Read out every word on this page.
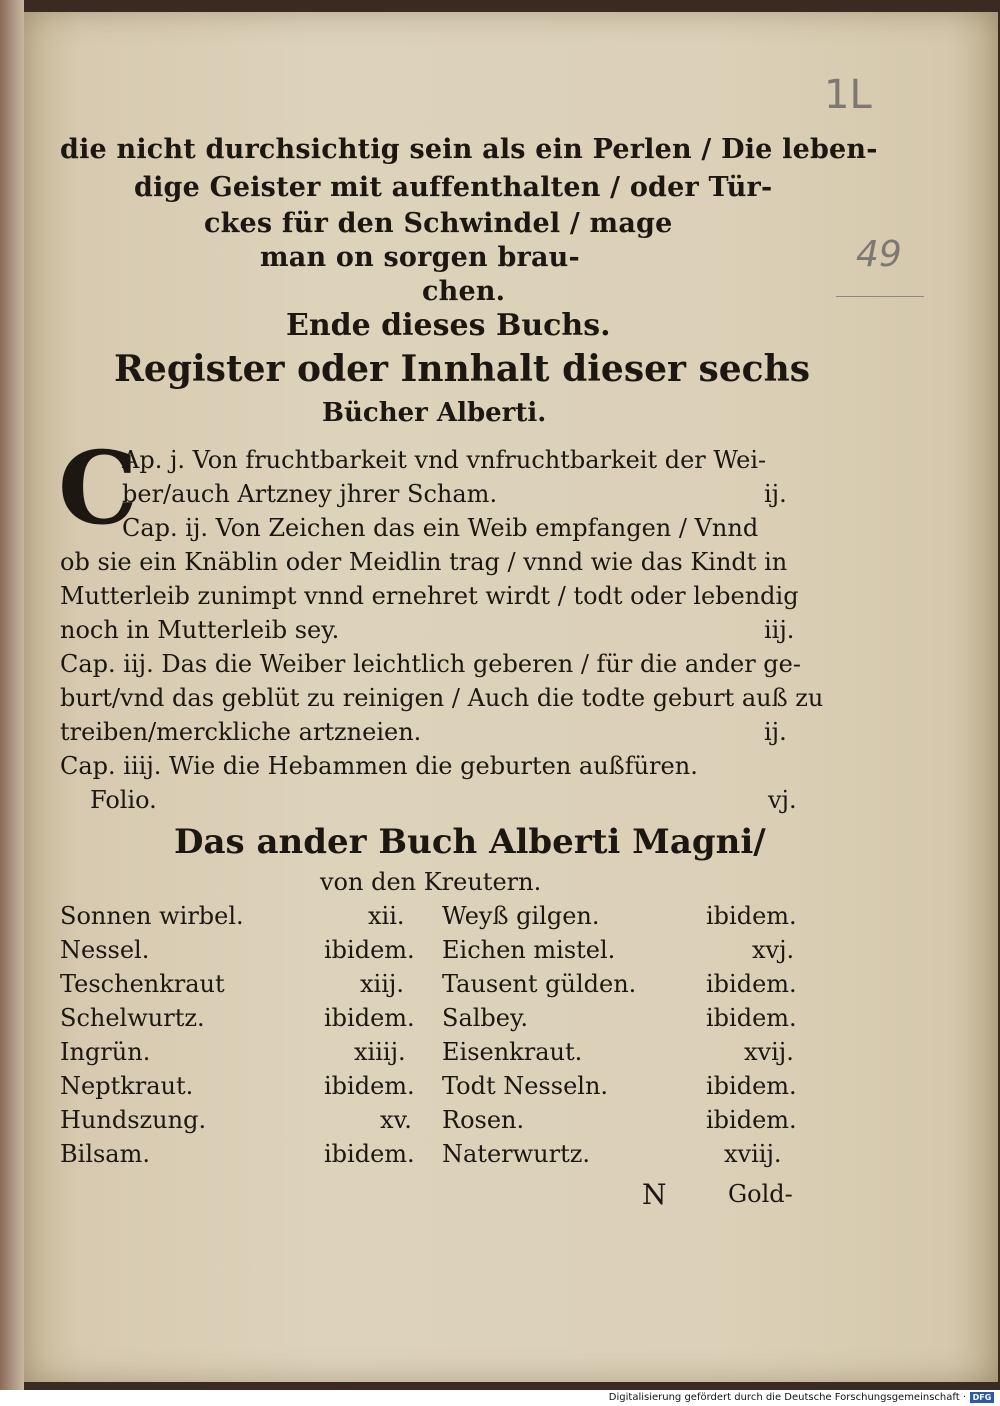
1L
49
die nicht durchsichtig sein als ein Perlen / Die leben-
dige Geister mit auffenthalten / oder Tür-
ckes für den Schwindel / mage
man on sorgen brau-
chen.
Ende dieses Buchs.
Register oder Innhalt dieser sechs
Bücher Alberti.
C
Ap. j. Von fruchtbarkeit vnd vnfruchtbarkeit der Wei-
ber/auch Artzney jhrer Scham.	ij.
Cap. ij. Von Zeichen das ein Weib empfangen / Vnnd
ob sie ein Knäblin oder Meidlin trag / vnnd wie das Kindt in
Mutterleib zunimpt vnnd ernehret wirdt / todt oder lebendig
noch in Mutterleib sey.	iij.
Cap. iij. Das die Weiber leichtlich geberen / für die ander ge-
burt/vnd das geblüt zu reinigen / Auch die todte geburt auß zu
treiben/merckliche artzneien.	ij.
Cap. iiij. Wie die Hebammen die geburten außfüren.
Folio.	vj.
Das ander Buch Alberti Magni/
von den Kreutern.
Sonnen wirbel.	xii. Weyß gilgen.	ibidem.
Nessel.	ibidem. Eichen mistel.	xvj.
Teschenkraut	xiij. Tausent gülden.	ibidem.
Schelwurtz.	ibidem. Salbey.	ibidem.
Ingrün.	xiiij. Eisenkraut.	xvij.
Neptkraut.	ibidem. Todt Nesseln.	ibidem.
Hundszung.	xv. Rosen.	ibidem.
Bilsam.	ibidem. Naterwurtz.	xviij.
N	Gold-
Digitalisierung gefördert durch die Deutsche Forschungsgemeinschaft · DFG
